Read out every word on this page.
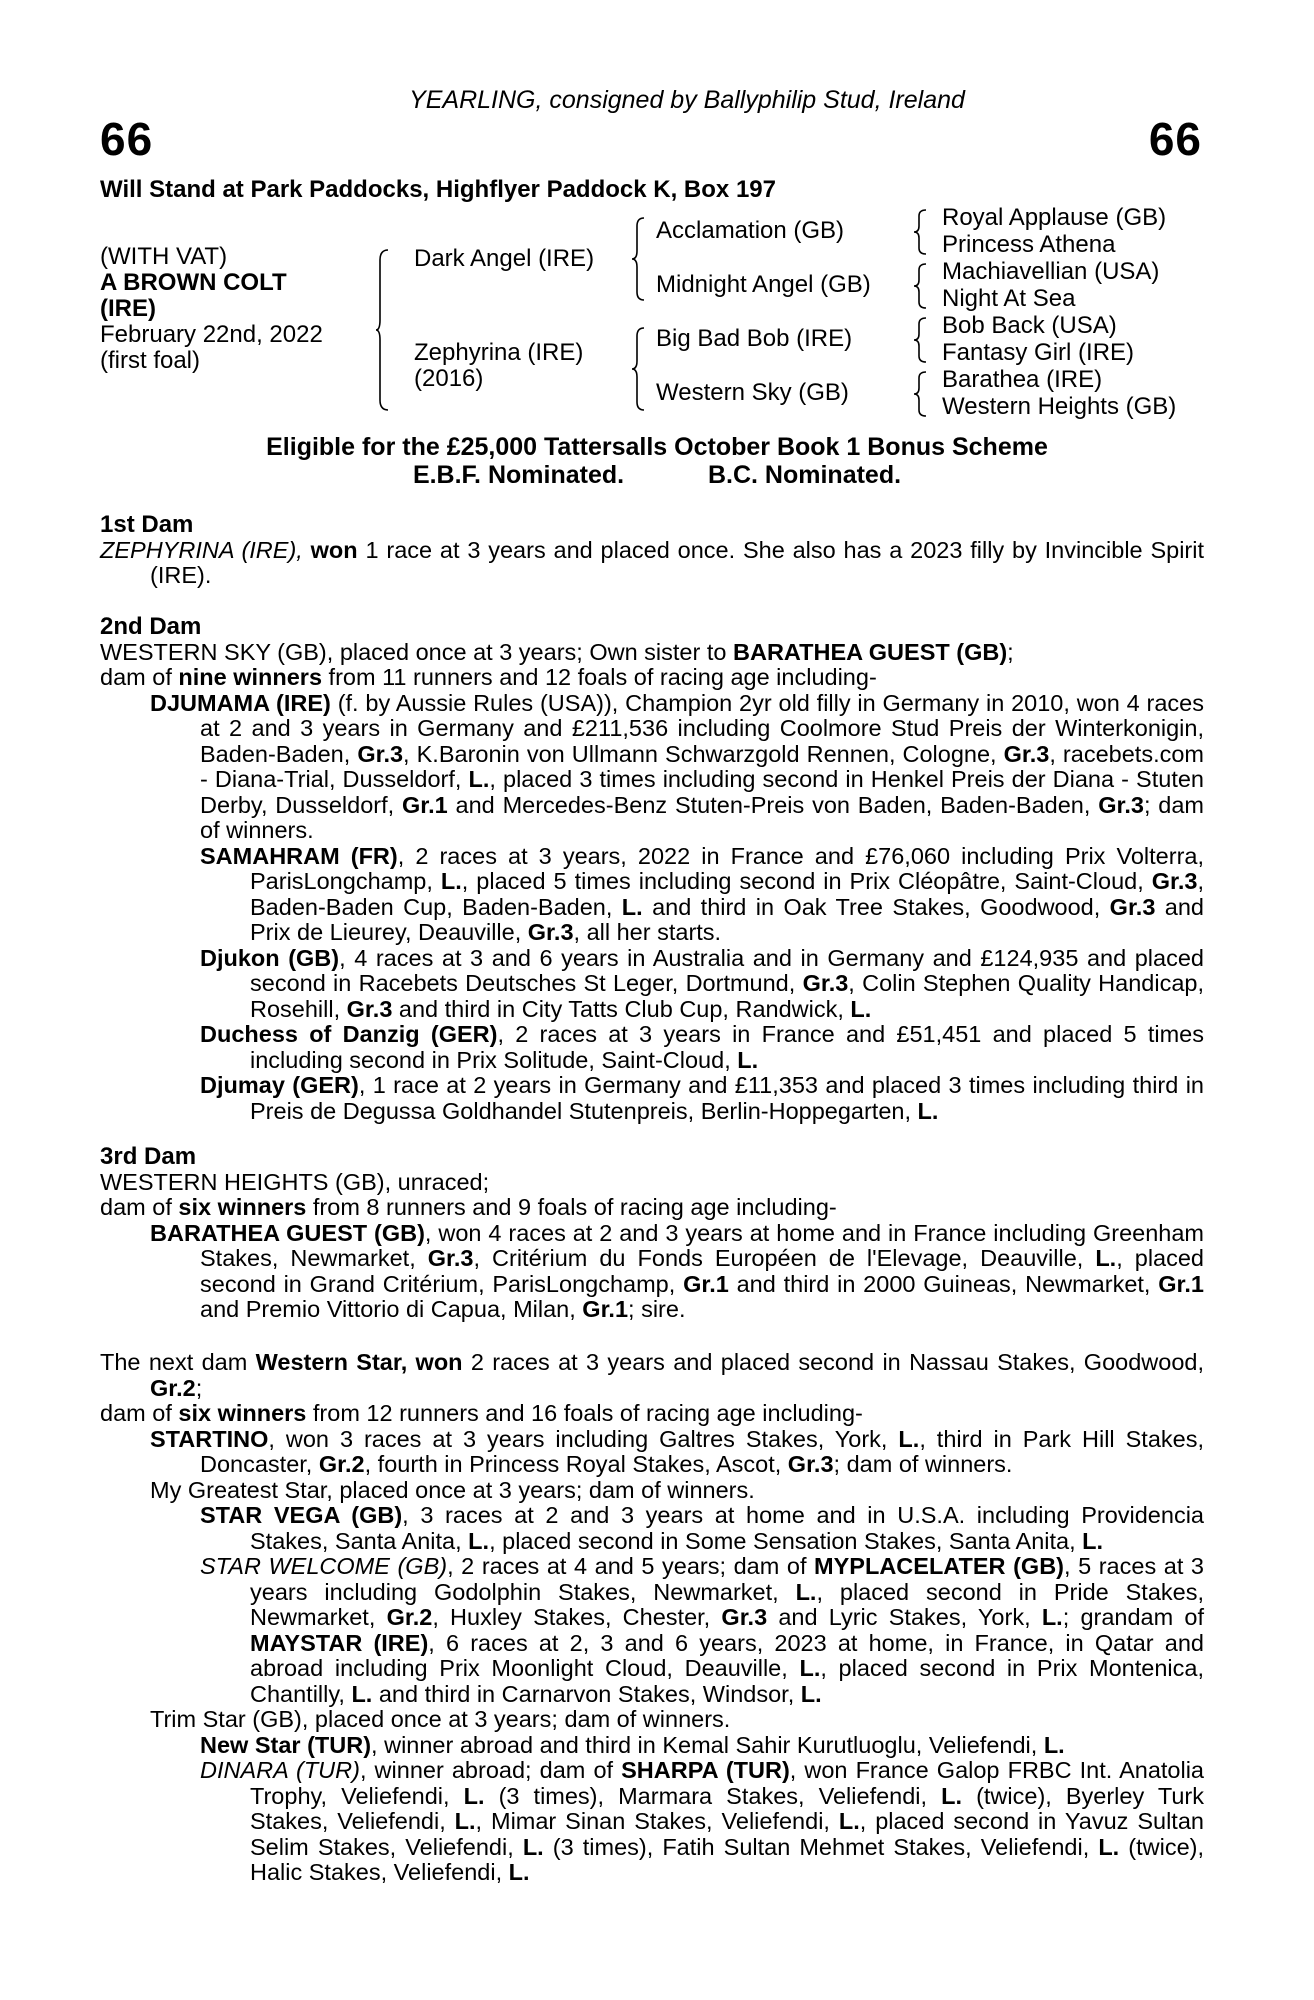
YEARLING, consigned by Ballyphilip Stud, Ireland
66	66
Will Stand at Park Paddocks, Highflyer Paddock K, Box 197
(WITH VAT)
A BROWN COLT
(IRE)
February 22nd, 2022
(first foal)
Dark Angel (IRE)
Zephyrina (IRE)
(2016)
Acclamation (GB)
Midnight Angel (GB)
Big Bad Bob (IRE)
Western Sky (GB)
Royal Applause (GB)
Princess Athena
Machiavellian (USA)
Night At Sea
Bob Back (USA)
Fantasy Girl (IRE)
Barathea (IRE)
Western Heights (GB)
Eligible for the £25,000 Tattersalls October Book 1 Bonus Scheme
E.B.F. Nominated.	B.C. Nominated.
1st Dam

ZEPHYRINA (IRE), won 1 race at 3 years and placed once. She also has a 2023 filly by Invincible Spirit (IRE).

2nd Dam

WESTERN SKY (GB), placed once at 3 years; Own sister to BARATHEA GUEST (GB);

dam of nine winners from 11 runners and 12 foals of racing age including-

DJUMAMA (IRE) (f. by Aussie Rules (USA)), Champion 2yr old filly in Germany in 2010, won 4 races at 2 and 3 years in Germany and £211,536 including Coolmore Stud Preis der Winterkonigin, Baden-Baden, Gr.3, K.Baronin von Ullmann Schwarzgold Rennen, Cologne, Gr.3, racebets.com - Diana-Trial, Dusseldorf, L., placed 3 times including second in Henkel Preis der Diana - Stuten Derby, Dusseldorf, Gr.1 and Mercedes-Benz Stuten-Preis von Baden, Baden-Baden, Gr.3; dam of winners.

SAMAHRAM (FR), 2 races at 3 years, 2022 in France and £76,060 including Prix Volterra, ParisLongchamp, L., placed 5 times including second in Prix Cléopâtre, Saint-Cloud, Gr.3, Baden-Baden Cup, Baden-Baden, L. and third in Oak Tree Stakes, Goodwood, Gr.3 and Prix de Lieurey, Deauville, Gr.3, all her starts.

Djukon (GB), 4 races at 3 and 6 years in Australia and in Germany and £124,935 and placed second in Racebets Deutsches St Leger, Dortmund, Gr.3, Colin Stephen Quality Handicap, Rosehill, Gr.3 and third in City Tatts Club Cup, Randwick, L.

Duchess of Danzig (GER), 2 races at 3 years in France and £51,451 and placed 5 times including second in Prix Solitude, Saint-Cloud, L.

Djumay (GER), 1 race at 2 years in Germany and £11,353 and placed 3 times including third in Preis de Degussa Goldhandel Stutenpreis, Berlin-Hoppegarten, L.

3rd Dam

WESTERN HEIGHTS (GB), unraced;

dam of six winners from 8 runners and 9 foals of racing age including-

BARATHEA GUEST (GB), won 4 races at 2 and 3 years at home and in France including Greenham Stakes, Newmarket, Gr.3, Critérium du Fonds Européen de l'Elevage, Deauville, L., placed second in Grand Critérium, ParisLongchamp, Gr.1 and third in 2000 Guineas, Newmarket, Gr.1 and Premio Vittorio di Capua, Milan, Gr.1; sire.

The next dam Western Star, won 2 races at 3 years and placed second in Nassau Stakes, Goodwood, Gr.2;

dam of six winners from 12 runners and 16 foals of racing age including-

STARTINO, won 3 races at 3 years including Galtres Stakes, York, L., third in Park Hill Stakes, Doncaster, Gr.2, fourth in Princess Royal Stakes, Ascot, Gr.3; dam of winners.

My Greatest Star, placed once at 3 years; dam of winners.

STAR VEGA (GB), 3 races at 2 and 3 years at home and in U.S.A. including Providencia Stakes, Santa Anita, L., placed second in Some Sensation Stakes, Santa Anita, L.

STAR WELCOME (GB), 2 races at 4 and 5 years; dam of MYPLACELATER (GB), 5 races at 3 years including Godolphin Stakes, Newmarket, L., placed second in Pride Stakes, Newmarket, Gr.2, Huxley Stakes, Chester, Gr.3 and Lyric Stakes, York, L.; grandam of MAYSTAR (IRE), 6 races at 2, 3 and 6 years, 2023 at home, in France, in Qatar and abroad including Prix Moonlight Cloud, Deauville, L., placed second in Prix Montenica, Chantilly, L. and third in Carnarvon Stakes, Windsor, L.

Trim Star (GB), placed once at 3 years; dam of winners.

New Star (TUR), winner abroad and third in Kemal Sahir Kurutluoglu, Veliefendi, L.

DINARA (TUR), winner abroad; dam of SHARPA (TUR), won France Galop FRBC Int. Anatolia Trophy, Veliefendi, L. (3 times), Marmara Stakes, Veliefendi, L. (twice), Byerley Turk Stakes, Veliefendi, L., Mimar Sinan Stakes, Veliefendi, L., placed second in Yavuz Sultan Selim Stakes, Veliefendi, L. (3 times), Fatih Sultan Mehmet Stakes, Veliefendi, L. (twice), Halic Stakes, Veliefendi, L.
